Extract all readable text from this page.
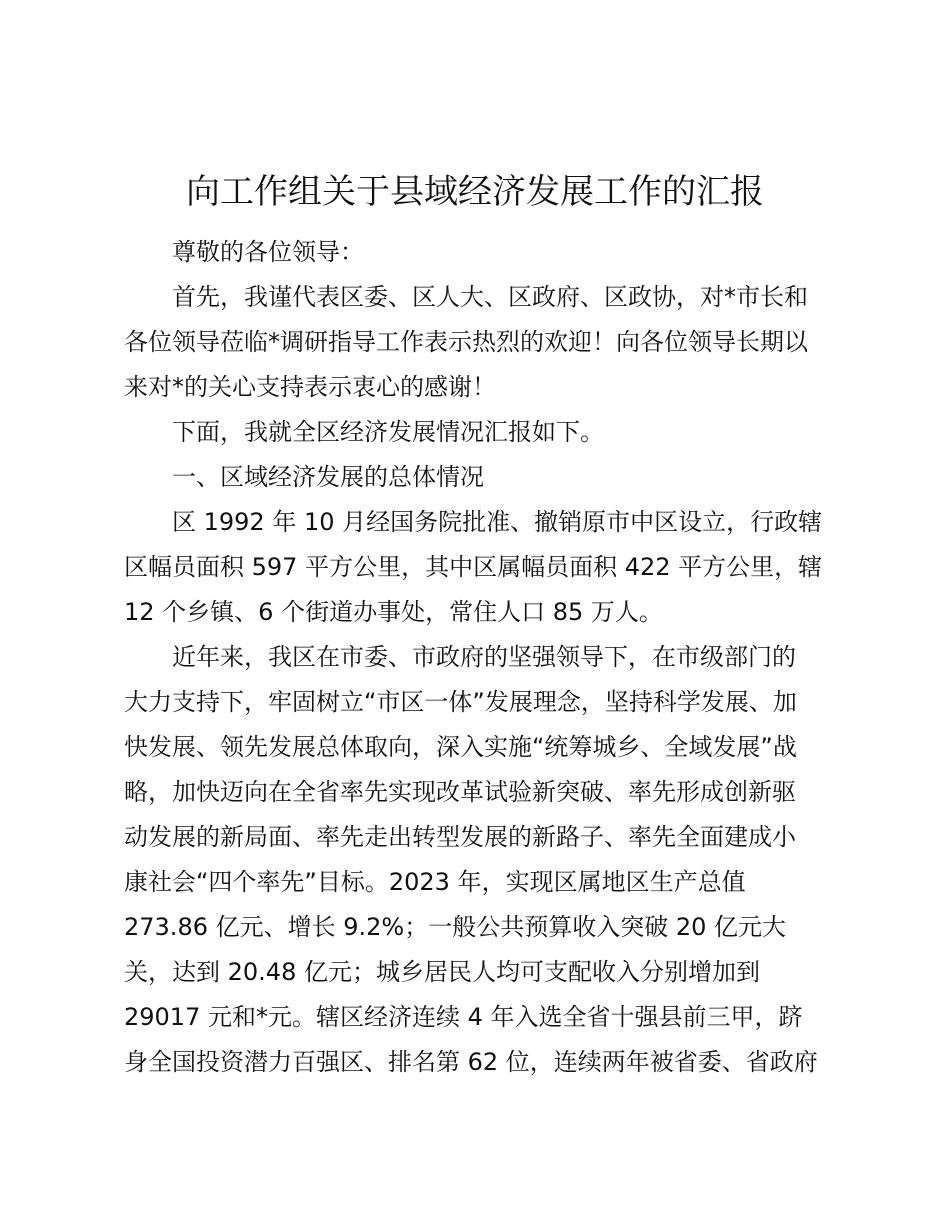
向工作组关于县域经济发展工作的汇报

尊敬的各位领导：

首先，我谨代表区委、区人大、区政府、区政协，对*市长和
各位领导莅临*调研指导工作表示热烈的欢迎！向各位领导长期以
来对*的关心支持表示衷心的感谢！

下面，我就全区经济发展情况汇报如下。

一、区域经济发展的总体情况

区 1992 年 10 月经国务院批准、撤销原市中区设立，行政辖
区幅员面积 597 平方公里，其中区属幅员面积 422 平方公里，辖
12 个乡镇、6 个街道办事处，常住人口 85 万人。

近年来，我区在市委、市政府的坚强领导下，在市级部门的
大力支持下，牢固树立“市区一体”发展理念，坚持科学发展、加
快发展、领先发展总体取向，深入实施“统筹城乡、全域发展”战
略，加快迈向在全省率先实现改革试验新突破、率先形成创新驱
动发展的新局面、率先走出转型发展的新路子、率先全面建成小
康社会“四个率先”目标。2023 年，实现区属地区生产总值
273.86 亿元、增长 9.2%；一般公共预算收入突破 20 亿元大
关，达到 20.48 亿元；城乡居民人均可支配收入分别增加到
29017 元和*元。辖区经济连续 4 年入选全省十强县前三甲，跻
身全国投资潜力百强区、排名第 62 位，连续两年被省委、省政府
